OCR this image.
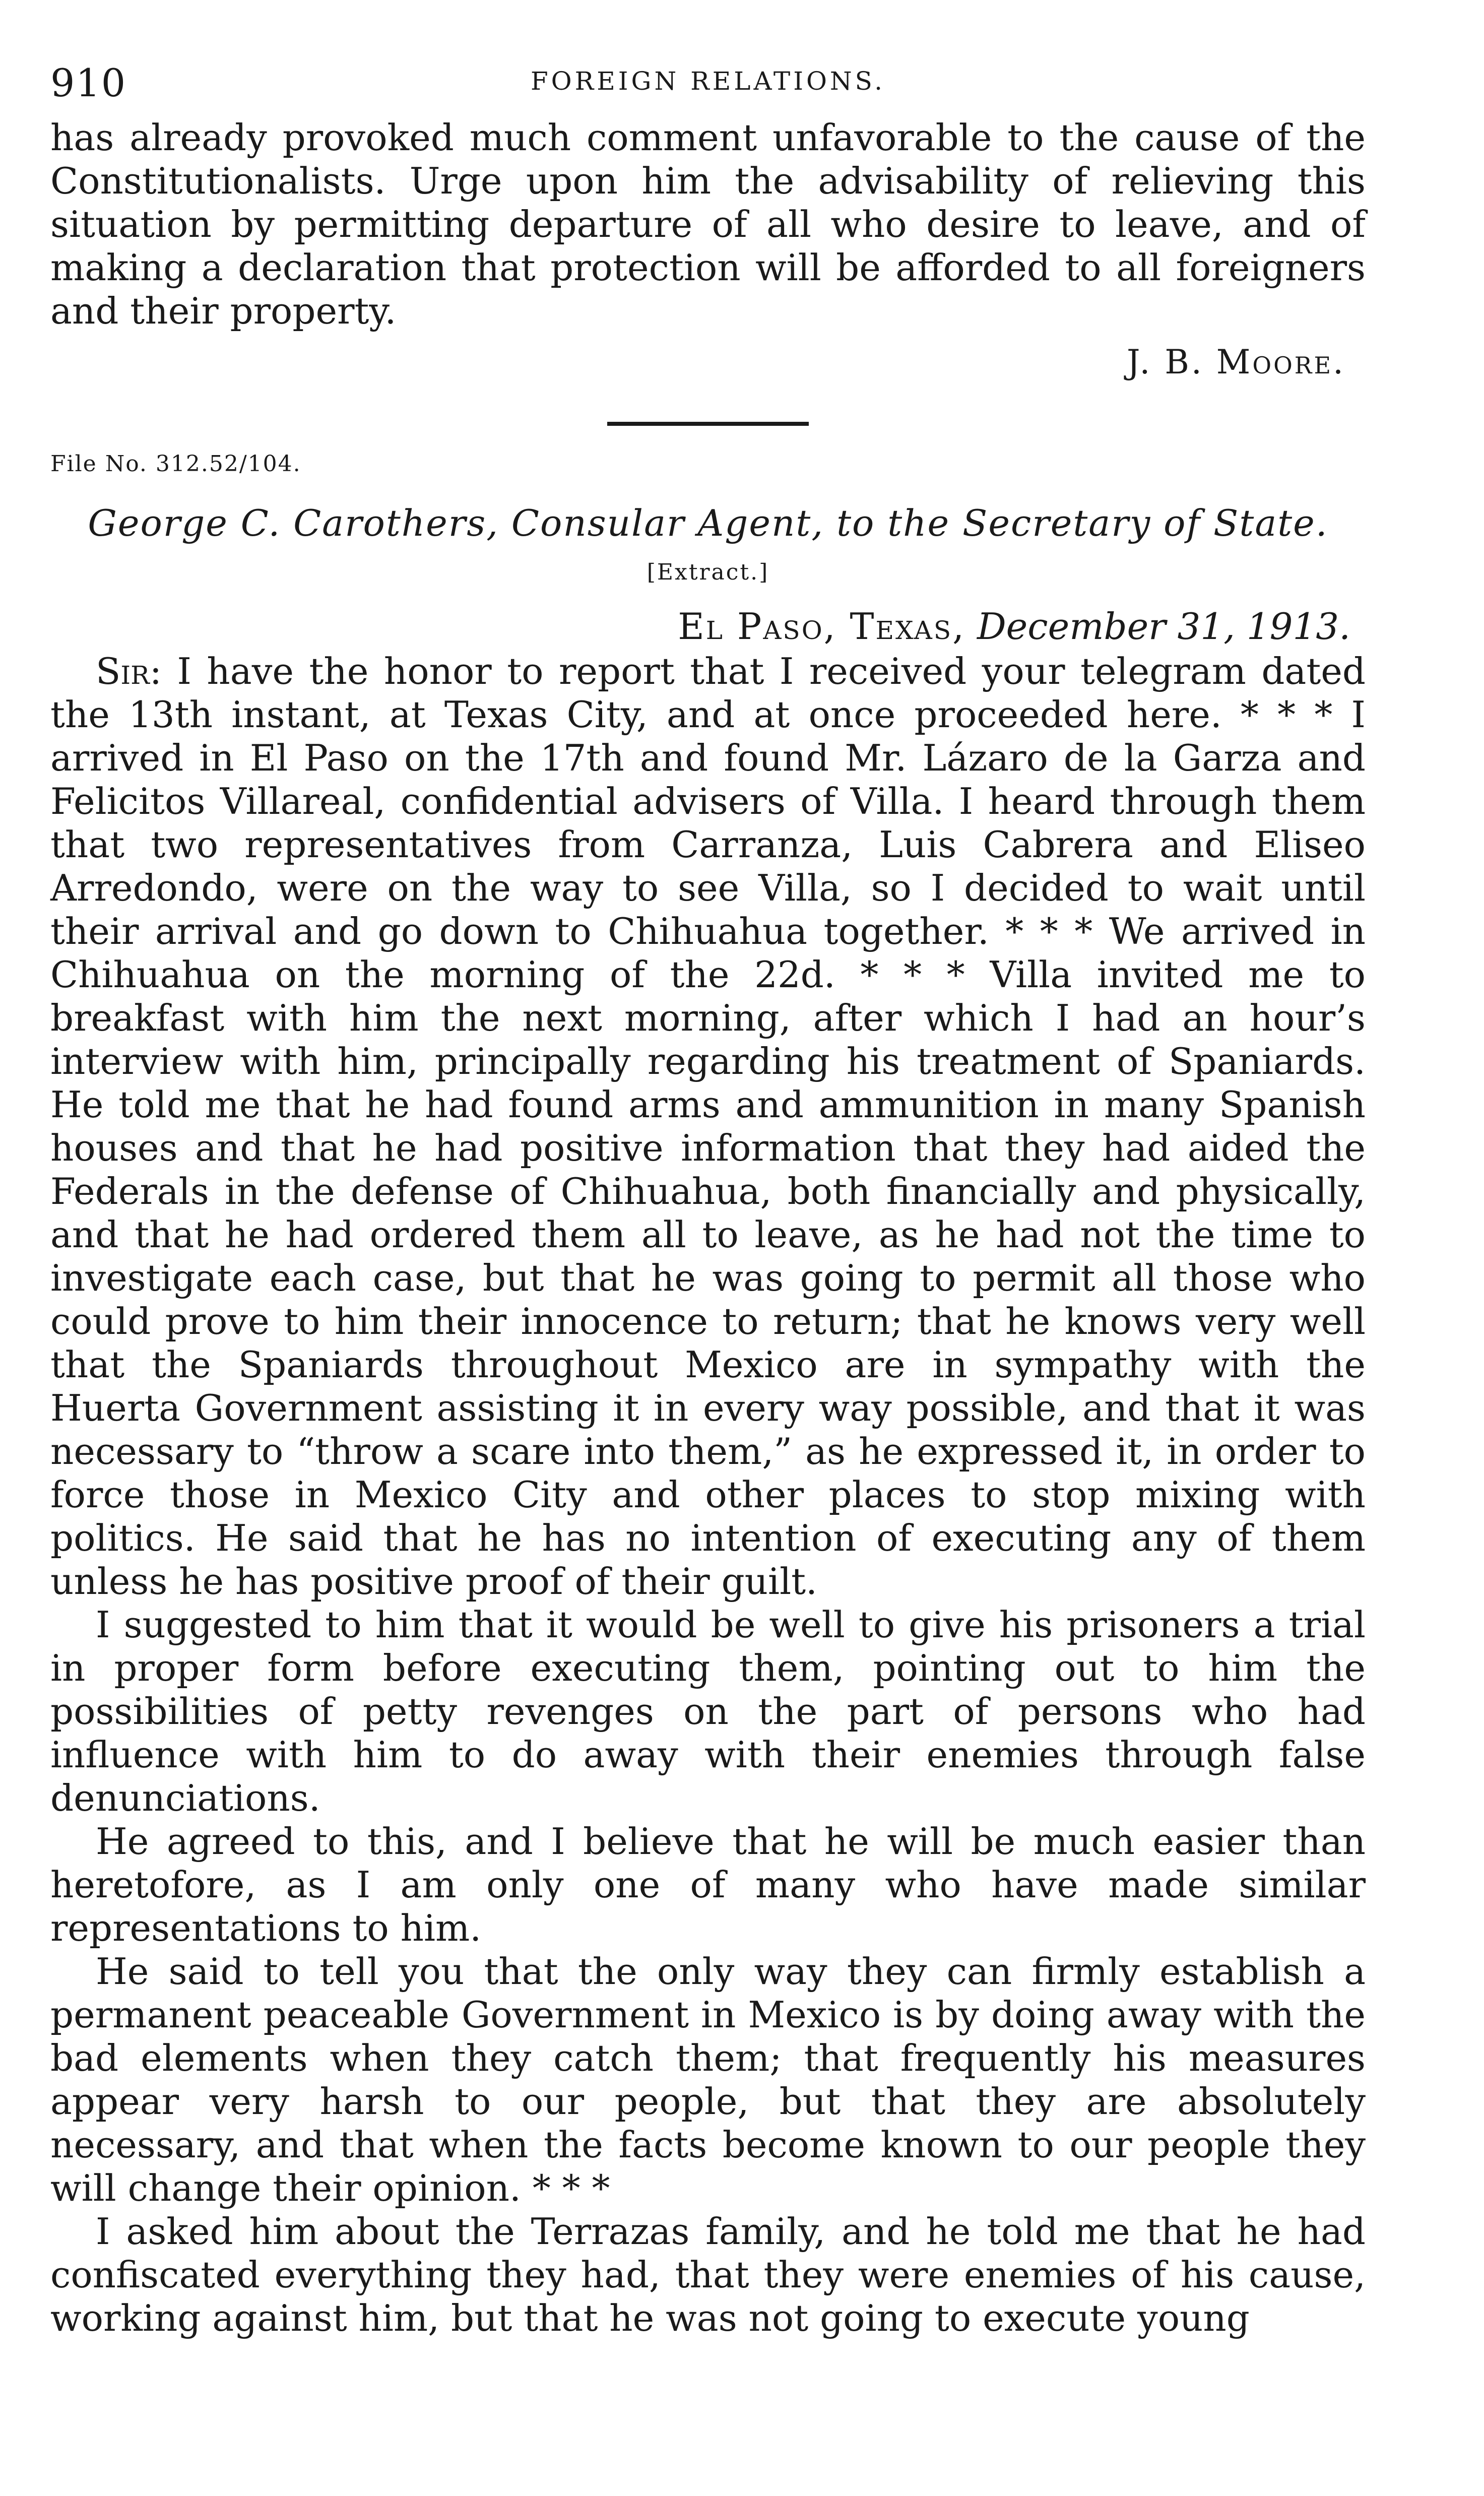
910	FOREIGN RELATIONS.

has already provoked much comment unfavorable to the cause of the Constitutionalists. Urge upon him the advisability of relieving this situation by permitting departure of all who desire to leave, and of making a declaration that protection will be afforded to all foreigners and their property.

J. B. Moore.
File No. 312.52/104.
George C. Carothers, Consular Agent, to the Secretary of State.
[Extract.]
El Paso, Texas, December 31, 1913.

Sir: I have the honor to report that I received your telegram dated the 13th instant, at Texas City, and at once proceeded here. * * * I arrived in El Paso on the 17th and found Mr. Lázaro de la Garza and Felicitos Villareal, confidential advisers of Villa. I heard through them that two representatives from Carranza, Luis Cabrera and Eliseo Arredondo, were on the way to see Villa, so I decided to wait until their arrival and go down to Chihuahua together. * * * We arrived in Chihuahua on the morning of the 22d. * * * Villa invited me to breakfast with him the next morning, after which I had an hour’s interview with him, principally regarding his treatment of Spaniards. He told me that he had found arms and ammunition in many Spanish houses and that he had positive information that they had aided the Federals in the defense of Chihuahua, both financially and physically, and that he had ordered them all to leave, as he had not the time to investigate each case, but that he was going to permit all those who could prove to him their innocence to return; that he knows very well that the Spaniards throughout Mexico are in sympathy with the Huerta Government assisting it in every way possible, and that it was necessary to “throw a scare into them,” as he expressed it, in order to force those in Mexico City and other places to stop mixing with politics. He said that he has no intention of executing any of them unless he has positive proof of their guilt.

I suggested to him that it would be well to give his prisoners a trial in proper form before executing them, pointing out to him the possibilities of petty revenges on the part of persons who had influence with him to do away with their enemies through false denunciations.

He agreed to this, and I believe that he will be much easier than heretofore, as I am only one of many who have made similar representations to him.

He said to tell you that the only way they can firmly establish a permanent peaceable Government in Mexico is by doing away with the bad elements when they catch them; that frequently his measures appear very harsh to our people, but that they are absolutely necessary, and that when the facts become known to our people they will change their opinion. * * *

I asked him about the Terrazas family, and he told me that he had confiscated everything they had, that they were enemies of his cause, working against him, but that he was not going to execute young
